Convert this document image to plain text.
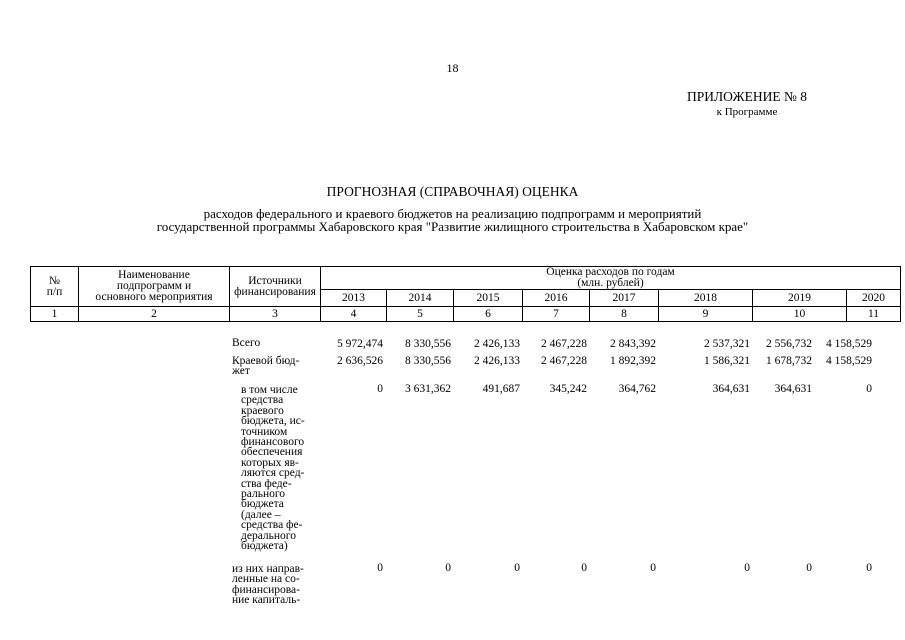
18
ПРИЛОЖЕНИЕ № 8
к Программе
ПРОГНОЗНАЯ (СПРАВОЧНАЯ) ОЦЕНКА
расходов федерального и краевого бюджетов на реализацию подпрограмм и мероприятий
государственной программы Хабаровского края "Развитие жилищного строительства в Хабаровском крае"
№
п/п	Наименование
подпрограмм и
основного мероприятия	Источники
финансирования	Оценка расходов по годам
(млн. рублей)							
			2013	2014	2015	2016	2017	2018	2019	2020
1	2	3	4	5	6	7	8	9	10	11
Всего	5 972,474	8 330,556	2 426,133	2 467,228	2 843,392	2 537,321	2 556,732	4 158,529
Краевой бюд-
жет
2 636,526	8 330,556	2 426,133	2 467,228	1 892,392	1 586,321	1 678,732	4 158,529
в том числе
средства
краевого
бюджета, ис-
точником
финансового
обеспечения
которых яв-
ляются сред-
ства феде-
рального
бюджета
(далее –
средства фе-
дерального
бюджета)
0	3 631,362	491,687	345,242	364,762	364,631	364,631	0
из них направ-
ленные на со-
финансирова-
ние капиталь-
0	0	0	0	0	0	0	0
